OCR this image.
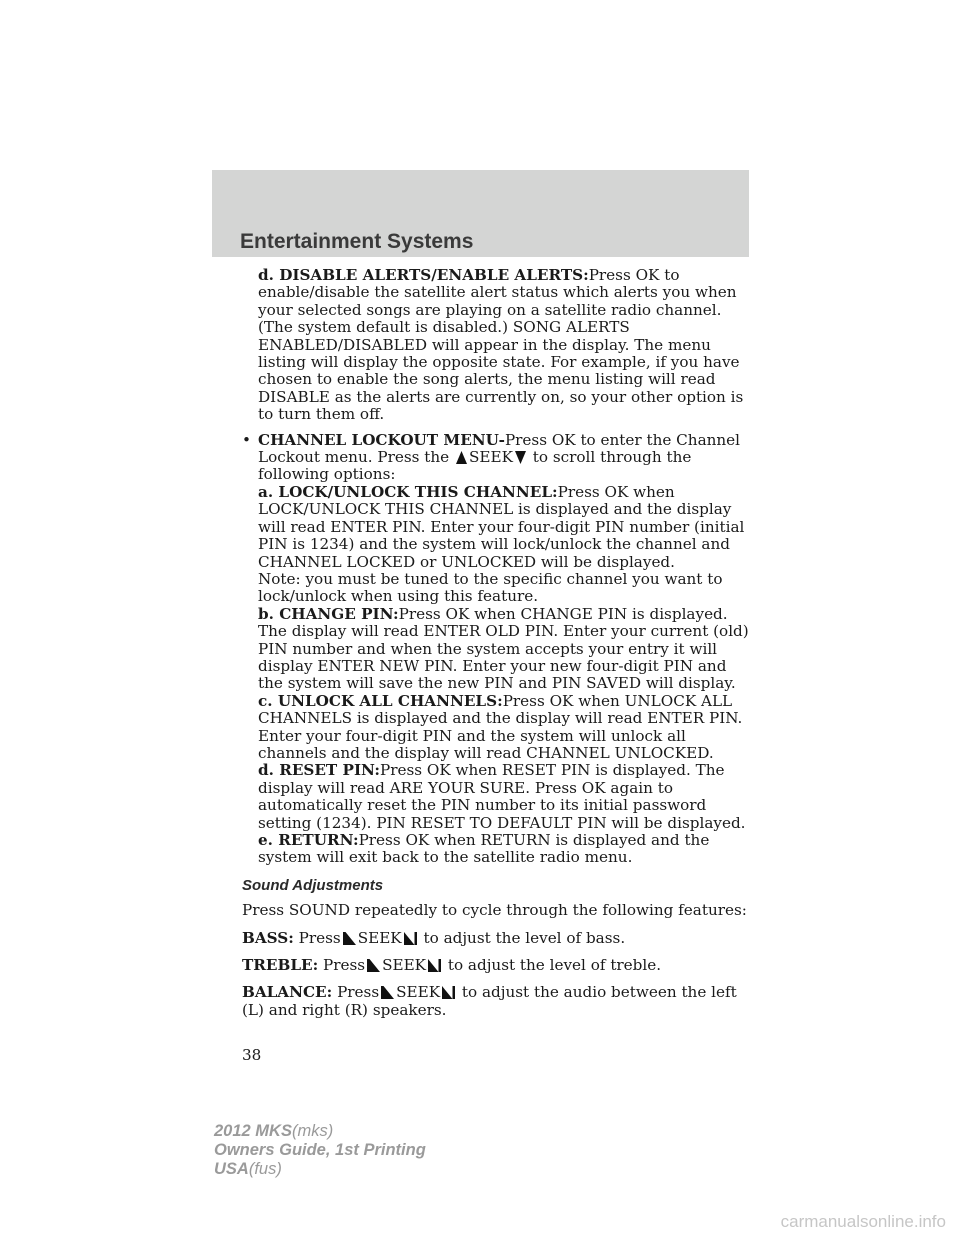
Entertainment Systems
d. DISABLE ALERTS/ENABLE ALERTS:Press OK to enable/disable the satellite alert status which alerts you when your selected songs are playing on a satellite radio channel. (The system default is disabled.) SONG ALERTS ENABLED/DISABLED will appear in the display. The menu listing will display the opposite state. For example, if you have chosen to enable the song alerts, the menu listing will read DISABLE as the alerts are currently on, so your other option is to turn them off.
• CHANNEL LOCKOUT MENU-Press OK to enter the Channel Lockout menu. Press the SEEK to scroll through the following options:
a. LOCK/UNLOCK THIS CHANNEL:Press OK when LOCK/UNLOCK THIS CHANNEL is displayed and the display will read ENTER PIN. Enter your four-digit PIN number (initial PIN is 1234) and the system will lock/unlock the channel and CHANNEL LOCKED or UNLOCKED will be displayed.
Note: you must be tuned to the specific channel you want to lock/unlock when using this feature.
b. CHANGE PIN:Press OK when CHANGE PIN is displayed. The display will read ENTER OLD PIN. Enter your current (old) PIN number and when the system accepts your entry it will display ENTER NEW PIN. Enter your new four-digit PIN and the system will save the new PIN and PIN SAVED will display.
c. UNLOCK ALL CHANNELS:Press OK when UNLOCK ALL CHANNELS is displayed and the display will read ENTER PIN. Enter your four-digit PIN and the system will unlock all channels and the display will read CHANNEL UNLOCKED.
d. RESET PIN:Press OK when RESET PIN is displayed. The display will read ARE YOUR SURE. Press OK again to automatically reset the PIN number to its initial password setting (1234). PIN RESET TO DEFAULT PIN will be displayed.
e. RETURN:Press OK when RETURN is displayed and the system will exit back to the satellite radio menu.
Sound Adjustments
Press SOUND repeatedly to cycle through the following features:
BASS: Press SEEK to adjust the level of bass.
TREBLE: Press SEEK to adjust the level of treble.
BALANCE: Press SEEK to adjust the audio between the left (L) and right (R) speakers.
38
2012 MKS(mks)
Owners Guide, 1st Printing
USA(fus)
carmanualsonline.info
